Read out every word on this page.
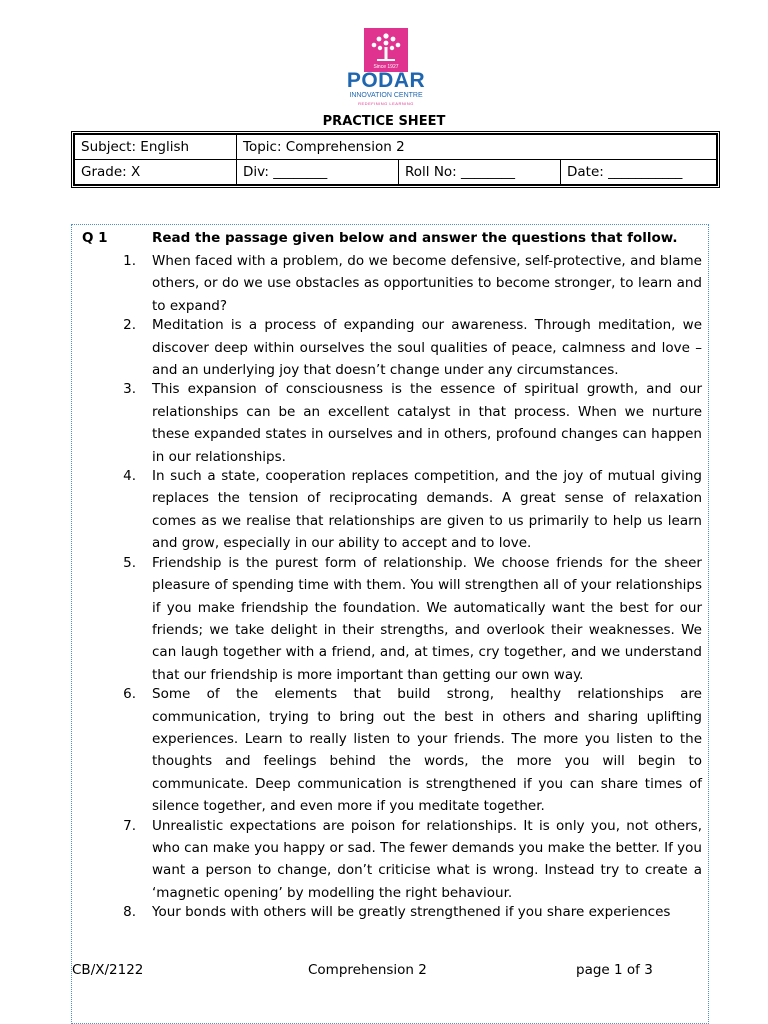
Since 1927
PODAR
INNOVATION CENTRE
REDEFINING LEARNING
PRACTICE SHEET
Subject: English	Topic: Comprehension 2		
Grade: X	Div: ________	Roll No: ________	Date: ___________
Q 1	Read the passage given below and answer the questions that follow.
1. When faced with a problem, do we become defensive, self-protective, and blame others, or do we use obstacles as opportunities to become stronger, to learn and to expand?
2. Meditation is a process of expanding our awareness. Through meditation, we discover deep within ourselves the soul qualities of peace, calmness and love – and an underlying joy that doesn’t change under any circumstances.
3. This expansion of consciousness is the essence of spiritual growth, and our relationships can be an excellent catalyst in that process. When we nurture these expanded states in ourselves and in others, profound changes can happen in our relationships.
4. In such a state, cooperation replaces competition, and the joy of mutual giving replaces the tension of reciprocating demands. A great sense of relaxation comes as we realise that relationships are given to us primarily to help us learn and grow, especially in our ability to accept and to love.
5. Friendship is the purest form of relationship. We choose friends for the sheer pleasure of spending time with them. You will strengthen all of your relationships if you make friendship the foundation. We automatically want the best for our friends; we take delight in their strengths, and overlook their weaknesses. We can laugh together with a friend, and, at times, cry together, and we understand that our friendship is more important than getting our own way.
6. Some of the elements that build strong, healthy relationships are communication, trying to bring out the best in others and sharing uplifting experiences. Learn to really listen to your friends. The more you listen to the thoughts and feelings behind the words, the more you will begin to communicate. Deep communication is strengthened if you can share times of silence together, and even more if you meditate together.
7. Unrealistic expectations are poison for relationships. It is only you, not others, who can make you happy or sad. The fewer demands you make the better. If you want a person to change, don’t criticise what is wrong. Instead try to create a ‘magnetic opening’ by modelling the right behaviour.
8. Your bonds with others will be greatly strengthened if you share experiences
CB/X/2122	Comprehension 2	page 1 of 3
